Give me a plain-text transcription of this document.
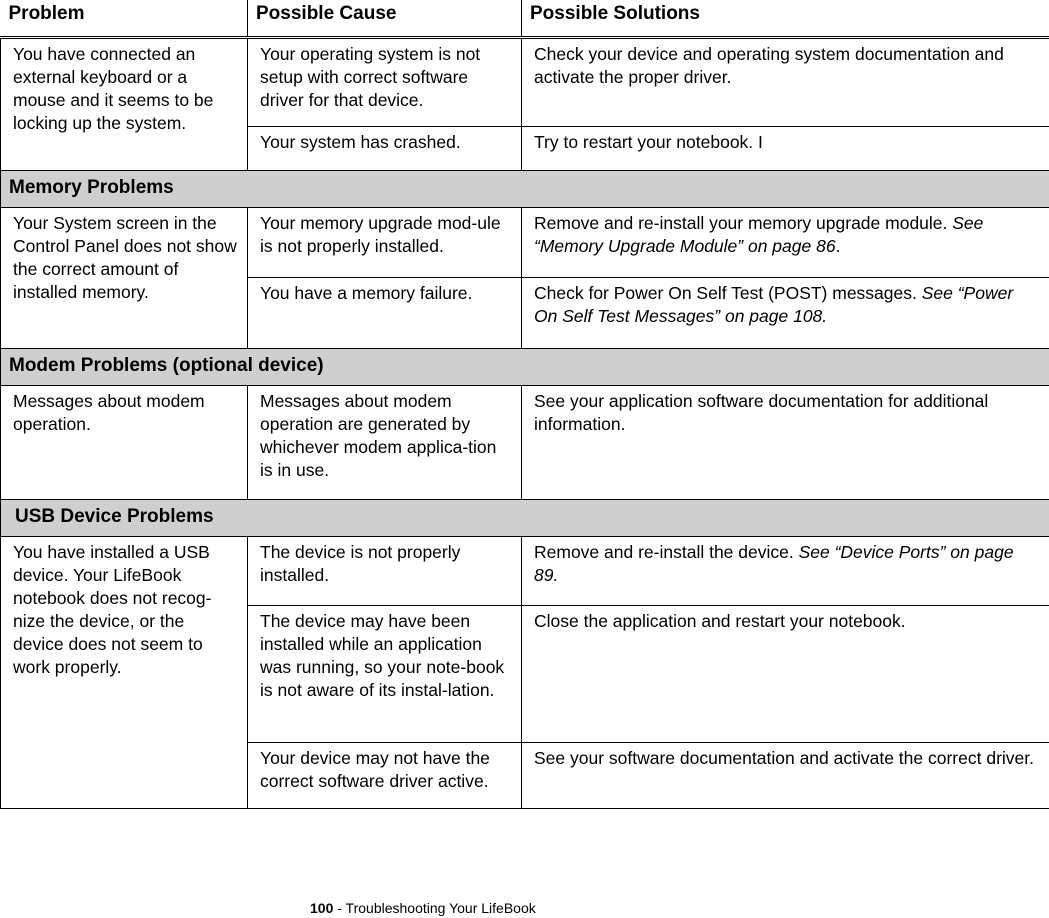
Problem	Possible Cause	Possible Solutions
You have connected an external keyboard or a mouse and it seems to be locking up the system.	Your operating system is not setup with correct software driver for that device.	Check your device and operating system documentation and activate the proper driver.
	Your system has crashed.	Try to restart your notebook. I
Memory Problems		
Your System screen in the Control Panel does not show the correct amount of installed memory.	Your memory upgrade mod-ule is not properly installed.	Remove and re-install your memory upgrade module. See “Memory Upgrade Module” on page 86.
	You have a memory failure.	Check for Power On Self Test (POST) messages. See “Power On Self Test Messages” on page 108.
Modem Problems (optional device)		
Messages about modem operation.	Messages about modem operation are generated by whichever modem applica-tion is in use.	See your application software documentation for additional information.
USB Device Problems		
You have installed a USB device. Your LifeBook notebook does not recog-nize the device, or the device does not seem to work properly.	The device is not properly installed.	Remove and re-install the device. See “Device Ports” on page 89.
	The device may have been installed while an application was running, so your note-book is not aware of its instal-lation.	Close the application and restart your notebook.
	Your device may not have the correct software driver active.	See your software documentation and activate the correct driver.
100 - Troubleshooting Your LifeBook
